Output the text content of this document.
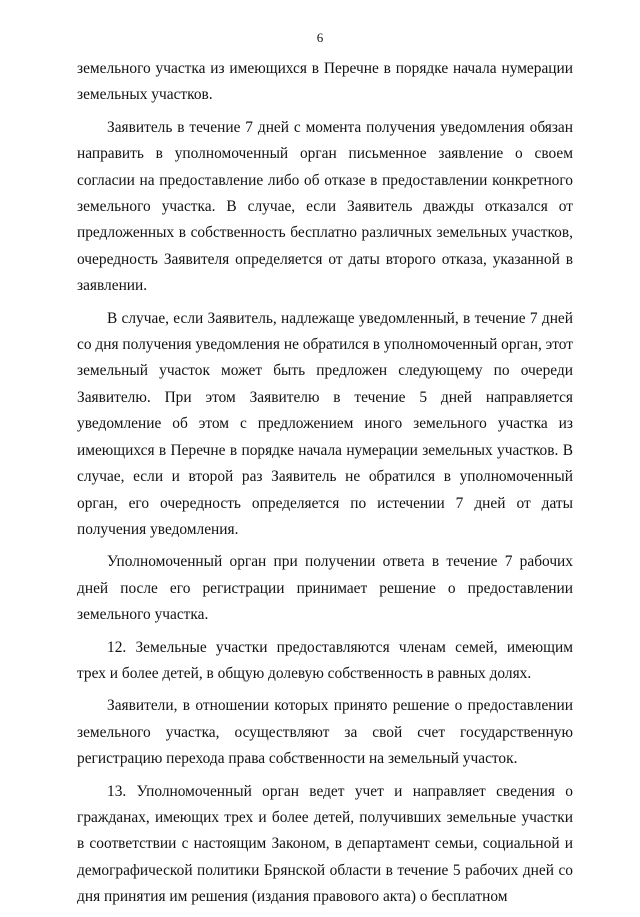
6

земельного участка из имеющихся в Перечне в порядке начала нумерации земельных участков.

Заявитель в течение 7 дней с момента получения уведомления обязан направить в уполномоченный орган письменное заявление о своем согласии на предоставление либо об отказе в предоставлении конкретного земельного участка. В случае, если Заявитель дважды отказался от предложенных в собственность бесплатно различных земельных участков, очередность Заявителя определяется от даты второго отказа, указанной в заявлении.

В случае, если Заявитель, надлежаще уведомленный, в течение 7 дней со дня получения уведомления не обратился в уполномоченный орган, этот земельный участок может быть предложен следующему по очереди Заявителю. При этом Заявителю в течение 5 дней направляется уведомление об этом с предложением иного земельного участка из имеющихся в Перечне в порядке начала нумерации земельных участков. В случае, если и второй раз Заявитель не обратился в уполномоченный орган, его очередность определяется по истечении 7 дней от даты получения уведомления.

Уполномоченный орган при получении ответа в течение 7 рабочих дней после его регистрации принимает решение о предоставлении земельного участка.

12. Земельные участки предоставляются членам семей, имеющим трех и более детей, в общую долевую собственность в равных долях.

Заявители, в отношении которых принято решение о предоставлении земельного участка, осуществляют за свой счет государственную регистрацию перехода права собственности на земельный участок.

13. Уполномоченный орган ведет учет и направляет сведения о гражданах, имеющих трех и более детей, получивших земельные участки в соответствии с настоящим Законом, в департамент семьи, социальной и демографической политики Брянской области в течение 5 рабочих дней со дня принятия им решения (издания правового акта) о бесплатном
